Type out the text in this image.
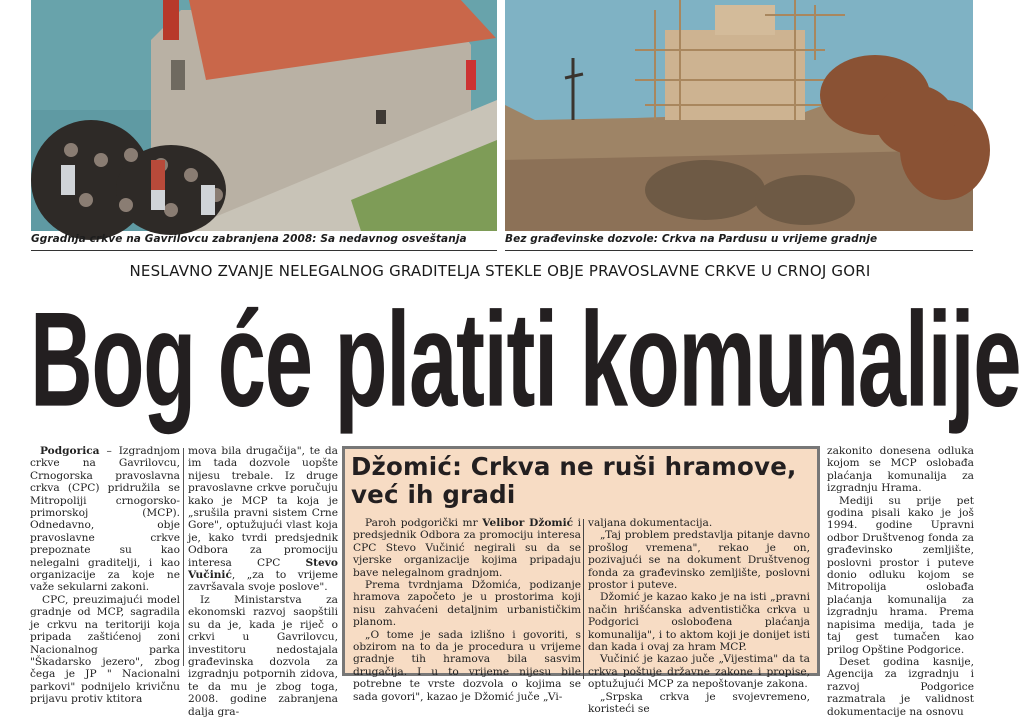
Ggradnja crkve na Gavrilovcu zabranjena 2008: Sa nedavnog osveštanja	Bez građevinske dozvole: Crkva na Pardusu u vrijeme gradnje
NESLAVNO ZVANJE NELEGALNOG GRADITELJA STEKLE OBJE PRAVOSLAVNE CRKVE U CRNOJ GORI
Bog će platiti komunalije

Podgorica – Izgradnjom crkve na Gavrilovcu, Crnogorska pravoslavna crkva (CPC) pridružila se Mitropoliji crnogorsko-primorskoj (MCP). Odnedavno, obje pravoslavne crkve prepoznate su kao nelegalni graditelji, i kao organizacije za koje ne važe sekularni zakoni.

CPC, preuzimajući model gradnje od MCP, sagradila je crkvu na teritoriji koja pripada zaštićenoj zoni Nacionalnog parka "Škadarsko jezero", zbog čega je JP " Nacionalni parkovi" podnijelo krivičnu prijavu protiv ktitora

mova bila drugačija", te da im tada dozvole uopšte nijesu trebale. Iz druge pravoslavne crkve poručuju kako je MCP ta koja je „srušila pravni sistem Crne Gore", optužujući vlast koja je, kako tvrdi predsjednik Odbora za promociju interesa CPC Stevo Vučinić, „za to vrijeme završavala svoje poslove".

Iz Ministarstva za ekonomski razvoj saopštili su da je, kada je riječ o crkvi u Gavrilovcu, investitoru nedostajala građevinska dozvola za izgradnju potpornih zidova, te da mu je zbog toga, 2008. godine zabranjena dalja gra-

Džomić: Crkva ne ruši hramove, već ih gradi

Paroh podgorički mr Velibor Džomić i predsjednik Odbora za promociju interesa CPC Stevo Vučinić negirali su da se vjerske organizacije kojima pripadaju bave nelegalnom gradnjom.

Prema tvrdnjama Džomića, podizanje hramova započeto je u prostorima koji nisu zahvaćeni detaljnim urbanističkim planom.

„O tome je sada izlišno i govoriti, s obzirom na to da je procedura u vrijeme gradnje tih hramova bila sasvim drugačija. I u to vrijeme nijesu bile potrebne te vrste dozvola o kojima se sada govori", kazao je Džomić juče „Vi-

valjana dokumentacija.

„Taj problem predstavlja pitanje davno prošlog vremena", rekao je on, pozivajući se na dokument Društvenog fonda za građevinsko zemljište, poslovni prostor i puteve.

Džomić je kazao kako je na isti „pravni način hrišćanska adventistička crkva u Podgorici oslobođena plaćanja komunalija", i to aktom koji je donijet isti dan kada i ovaj za hram MCP.

Vučinić je kazao juče „Vijestima" da ta crkva poštuje državne zakone i propise, optužujući MCP za nepoštovanje zakona.

„Srpska crkva je svojevremeno, koristeći se

zakonito donesena odluka kojom se MCP oslobađa plaćanja komunalija za izgradnju Hrama.

Mediji su prije pet godina pisali kako je još 1994. godine Upravni odbor Društvenog fonda za građevinsko zemljište, poslovni prostor i puteve donio odluku kojom se Mitropolija oslobađa plaćanja komunalija za izgradnju hrama. Prema napisima medija, tada je taj gest tumačen kao prilog Opštine Podgorice.

Deset godina kasnije, Agencija za izgradnju i razvoj Podgorice razmatrala je validnost dokumentacije na osnovu
